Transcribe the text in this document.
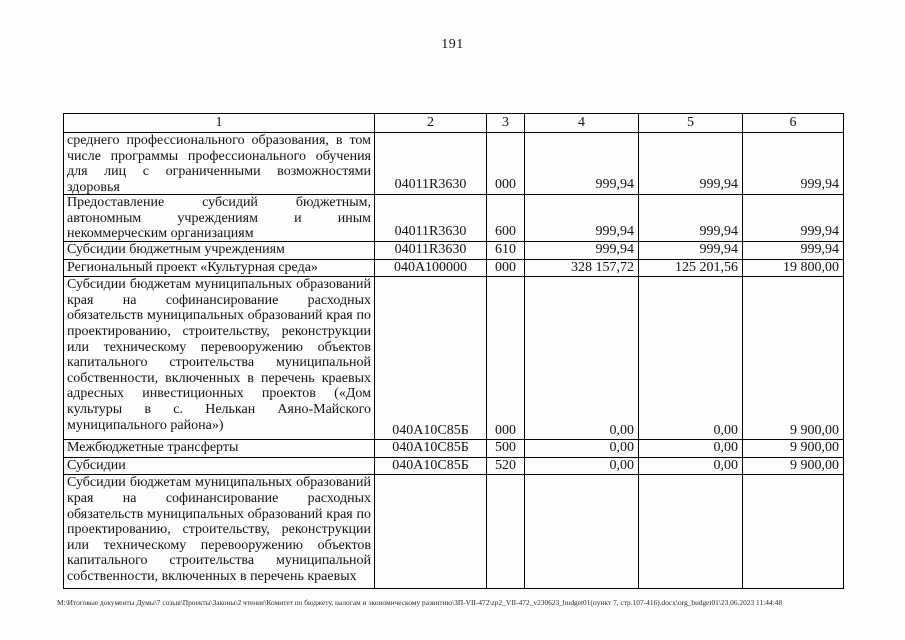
191
1	2	3	4	5	6

среднего профессионального образования, в том числе программы профессионального обучения для лиц с ограниченными возможностями здоровья	04011R3630	000	999,94	999,94	999,94

Предоставление субсидий бюджетным, автономным учреждениям и иным некоммерческим организациям	04011R3630	600	999,94	999,94	999,94
Субсидии бюджетным учреждениям	04011R3630	610	999,94	999,94	999,94
Региональный проект «Культурная среда»	040А100000	000	328 157,72	125 201,56	19 800,00

Субсидии бюджетам муниципальных образований края на софинансирование расходных обязательств муниципальных образований края по проектированию, строительству, реконструкции или техническому перевооружению объектов капитального строительства муниципальной собственности, включенных в перечень краевых адресных инвестиционных проектов («Дом культуры в с. Нелькан Аяно-Майского муниципального района»)	040А10С85Б	000	0,00	0,00	9 900,00
Межбюджетные трансферты	040А10С85Б	500	0,00	0,00	9 900,00
Субсидии	040А10С85Б	520	0,00	0,00	9 900,00

Субсидии бюджетам муниципальных образований края на софинансирование расходных обязательств муниципальных образований края по проектированию, строительству, реконструкции или техническому перевооружению объектов капитального строительства муниципальной собственности, включенных в перечень краевых					

М:\Итоговые документы Думы\7 созыв\Проекты\Законы\2 чтение\Комитет по бюджету, налогам и экономическому развитию\ЗП-VII-472\zp2_VII-472_v230623_budget01(пункт 7, стр.107-416).docx\org_budget01\23.06.2023 11:44:48
